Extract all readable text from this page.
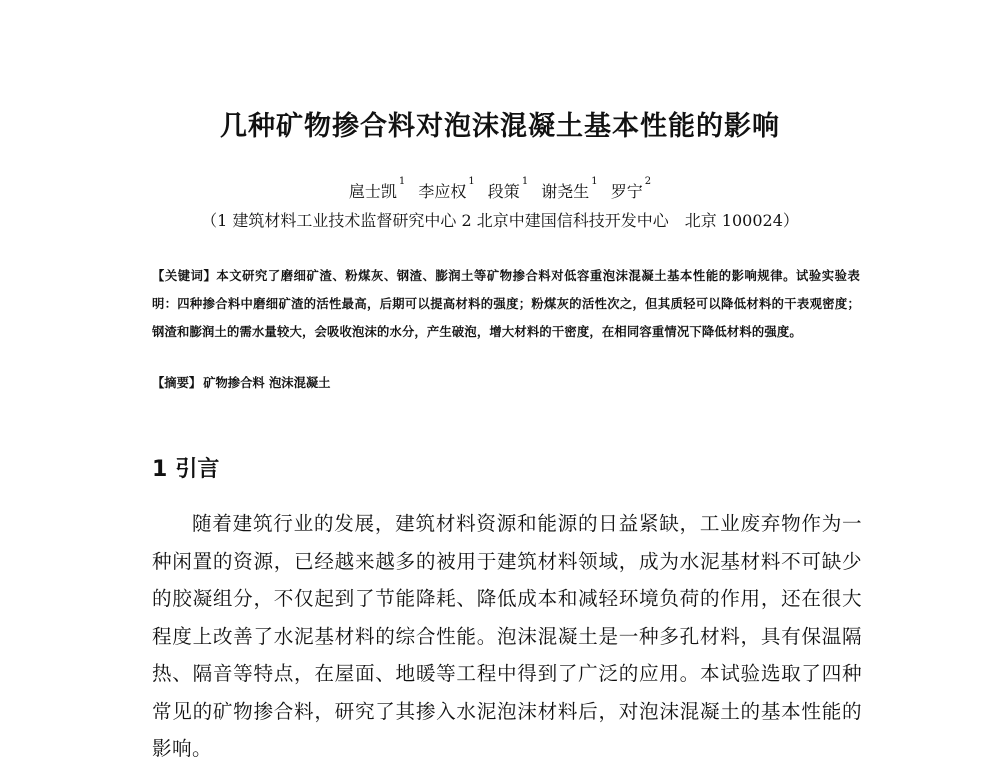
几种矿物掺合料对泡沫混凝土基本性能的影响
扈士凯$^1$ 李应权$^1$ 段策$^1$ 谢尧生$^1$ 罗宁$^2$
（1 建筑材料工业技术监督研究中心 2 北京中建国信科技开发中心　北京 100024）
【关键词】本文研究了磨细矿渣、粉煤灰、钢渣、膨润土等矿物掺合料对低容重泡沫混凝土基本性能的影响规律。试验实验表明：四种掺合料中磨细矿渣的活性最高，后期可以提高材料的强度；粉煤灰的活性次之，但其质轻可以降低材料的干表观密度；钢渣和膨润土的需水量较大，会吸收泡沫的水分，产生破泡，增大材料的干密度，在相同容重情况下降低材料的强度。
【摘要】 矿物掺合料 泡沫混凝土
1 引言
随着建筑行业的发展，建筑材料资源和能源的日益紧缺，工业废弃物作为一种闲置的资源，已经越来越多的被用于建筑材料领域，成为水泥基材料不可缺少的胶凝组分，不仅起到了节能降耗、降低成本和减轻环境负荷的作用，还在很大程度上改善了水泥基材料的综合性能。泡沫混凝土是一种多孔材料，具有保温隔热、隔音等特点，在屋面、地暖等工程中得到了广泛的应用。本试验选取了四种常见的矿物掺合料，研究了其掺入水泥泡沫材料后，对泡沫混凝土的基本性能的影响。
